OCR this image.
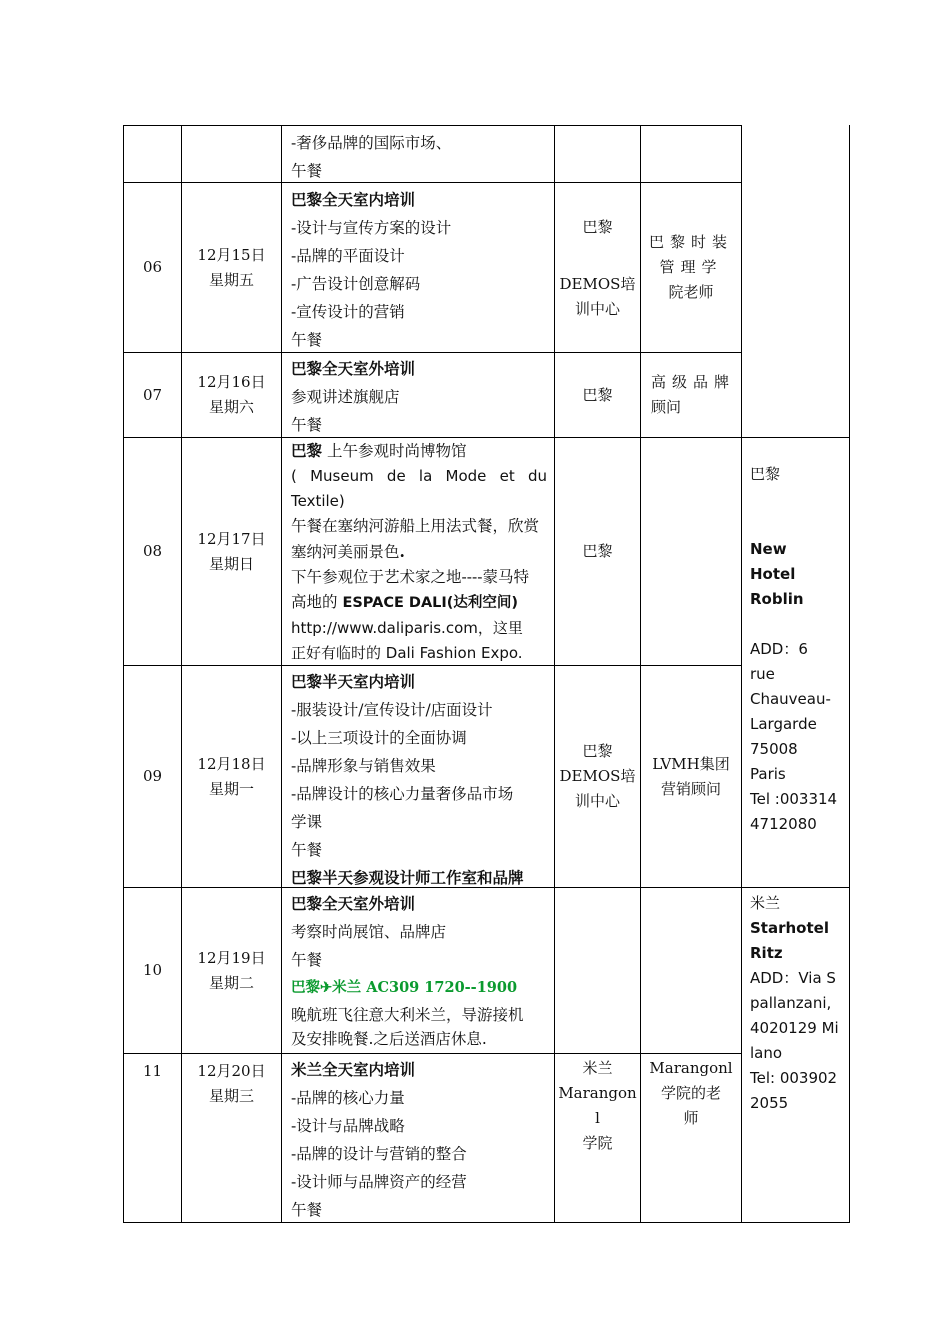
-奢侈品牌的国际市场、
午餐
06
12月15日
星期五
巴黎全天室内培训
-设计与宣传方案的设计
-品牌的平面设计
-广告设计创意解码
-宣传设计的营销
午餐
巴黎
DEMOS培
训中心
巴黎时装
管理学
院老师
07
12月16日
星期六
巴黎全天室外培训
参观讲述旗舰店
午餐
巴黎
高级品牌
顾问
08
12月17日
星期日
巴黎 上午参观时尚博物馆
( Museum de la Mode et du
Textile)
午餐在塞纳河游船上用法式餐，欣赏
塞纳河美丽景色.
下午参观位于艺术家之地----蒙马特
高地的 ESPACE DALI(达利空间)
http://www.daliparis.com，这里
正好有临时的 Dali Fashion Expo.
巴黎
巴黎
New
Hotel
Roblin
ADD：6
rue
Chauveau-
Largarde
75008
Paris
Tel :003314
4712080
09
12月18日
星期一
巴黎半天室内培训
-服装设计/宣传设计/店面设计
-以上三项设计的全面协调
-品牌形象与销售效果
-品牌设计的核心力量奢侈品市场
学课
午餐
巴黎半天参观设计师工作室和品牌
巴黎
DEMOS培
训中心
LVMH集团
营销顾问
10
12月19日
星期二
巴黎全天室外培训
考察时尚展馆、品牌店
午餐
巴黎✈米兰 AC309 1720--1900
晚航班飞往意大利米兰，导游接机
及安排晚餐.之后送酒店休息.
米兰
Starhotel
Ritz
ADD：Via S
pallanzani,
4020129 Mi
lano
Tel: 003902
2055
11 12月20日
星期三
米兰全天室内培训
-品牌的核心力量
-设计与品牌战略
-品牌的设计与营销的整合
-设计师与品牌资产的经营
午餐
米兰
Marangon
l
学院
Marangonl
学院的老
师
